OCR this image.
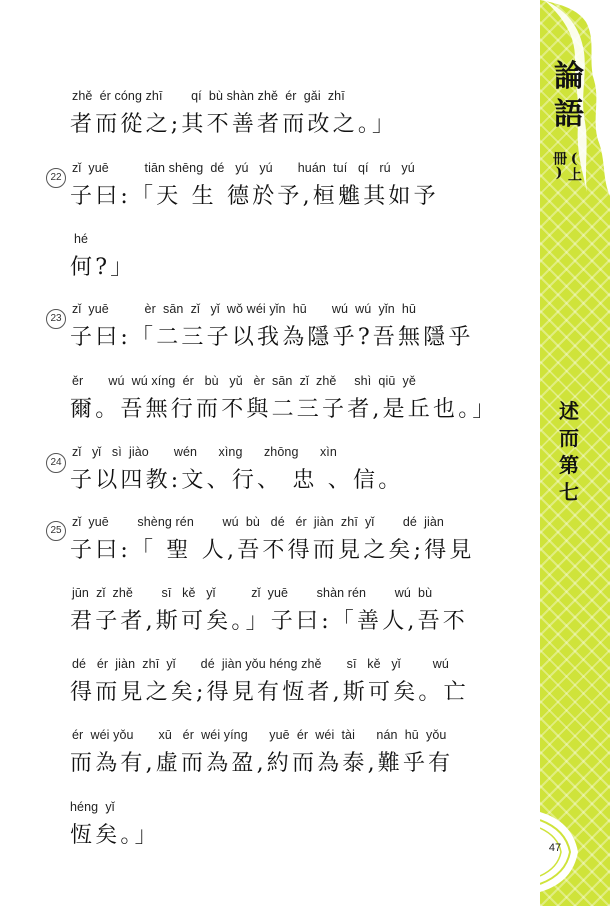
zhě  ér cóng zhī        qí  bù shàn zhě  ér  gǎi  zhī
者而從之;其不善者而改之。」
22
zǐ  yuē          tiān shēng  dé   yú   yú       huán  tuí   qí   rú   yú
子曰:「天 生 德於予,桓魋其如予
hé
何?」
23
zǐ  yuē          èr  sān  zǐ   yǐ  wǒ wéi yǐn  hū       wú  wú  yǐn  hū
子曰:「二三子以我為隱乎?吾無隱乎
ěr       wú  wú xíng  ér   bù   yǔ   èr  sān  zǐ  zhě     shì  qiū  yě
爾。吾無行而不與二三子者,是丘也。」
24
zǐ   yǐ   sì  jiào       wén      xìng      zhōng      xìn
子以四教:文、行、 忠 、信。
25
zǐ  yuē        shèng rén        wú  bù   dé   ér  jiàn  zhī  yǐ        dé  jiàn
子曰:「 聖 人,吾不得而見之矣;得見
jūn  zǐ  zhě        sī   kě   yǐ          zǐ  yuē        shàn rén        wú  bù
君子者,斯可矣。」子曰:「善人,吾不
dé   ér  jiàn  zhī  yǐ       dé  jiàn yǒu héng zhě       sī   kě   yǐ         wú
得而見之矣;得見有恆者,斯可矣。亡
ér  wéi yǒu       xū   ér  wéi yíng      yuē  ér  wéi  tài      nán  hū  yǒu
而為有,虛而為盈,約而為泰,難乎有
héng  yǐ
恆矣。」
論語
(上冊)
述而第七
47
